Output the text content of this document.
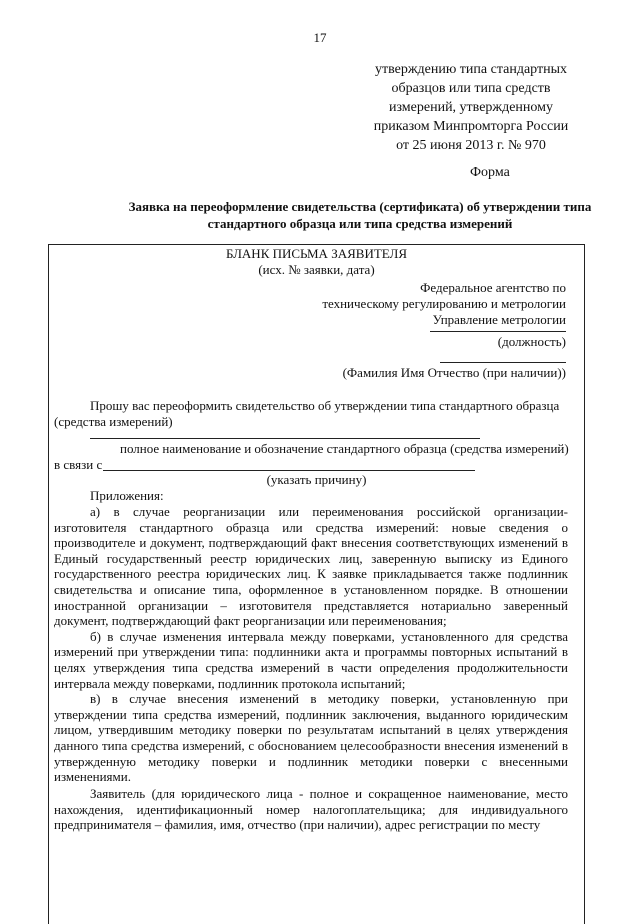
17
утверждению типа стандартных
образцов или типа средств
измерений, утвержденному
приказом Минпромторга России
от 25 июня 2013 г. № 970
Форма
Заявка на переоформление свидетельства (сертификата) об утверждении типа
стандартного образца или типа средства измерений
БЛАНК ПИСЬМА ЗАЯВИТЕЛЯ
(исх. № заявки, дата)
Федеральное агентство по
техническому регулированию и метрологии
Управление метрологии
(должность)
(Фамилия Имя Отчество (при наличии))
Прошу вас переоформить свидетельство об утверждении типа стандартного образца
(средства измерений)
полное наименование и обозначение стандартного образца (средства измерений)
в связи с
(указать причину)
Приложения:

а) в случае реорганизации или переименования российской организации-изготовителя стандартного образца или средства измерений: новые сведения о производителе и документ, подтверждающий факт внесения соответствующих изменений в Единый государственный реестр юридических лиц, заверенную выписку из Единого государственного реестра юридических лиц. К заявке прикладывается также подлинник свидетельства и описание типа, оформленное в установленном порядке. В отношении иностранной организации – изготовителя представляется нотариально заверенный документ, подтверждающий факт реорганизации или переименования;

б) в случае изменения интервала между поверками, установленного для средства измерений при утверждении типа: подлинники акта и программы повторных испытаний в целях утверждения типа средства измерений в части определения продолжительности интервала между поверками, подлинник протокола испытаний;

в) в случае внесения изменений в методику поверки, установленную при утверждении типа средства измерений, подлинник заключения, выданного юридическим лицом, утвердившим методику поверки по результатам испытаний в целях утверждения данного типа средства измерений, с обоснованием целесообразности внесения изменений в утвержденную методику поверки и подлинник методики поверки с внесенными изменениями.

Заявитель (для юридического лица - полное и сокращенное наименование, место нахождения, идентификационный номер налогоплательщика; для индивидуального предпринимателя – фамилия, имя, отчество (при наличии), адрес регистрации по месту
